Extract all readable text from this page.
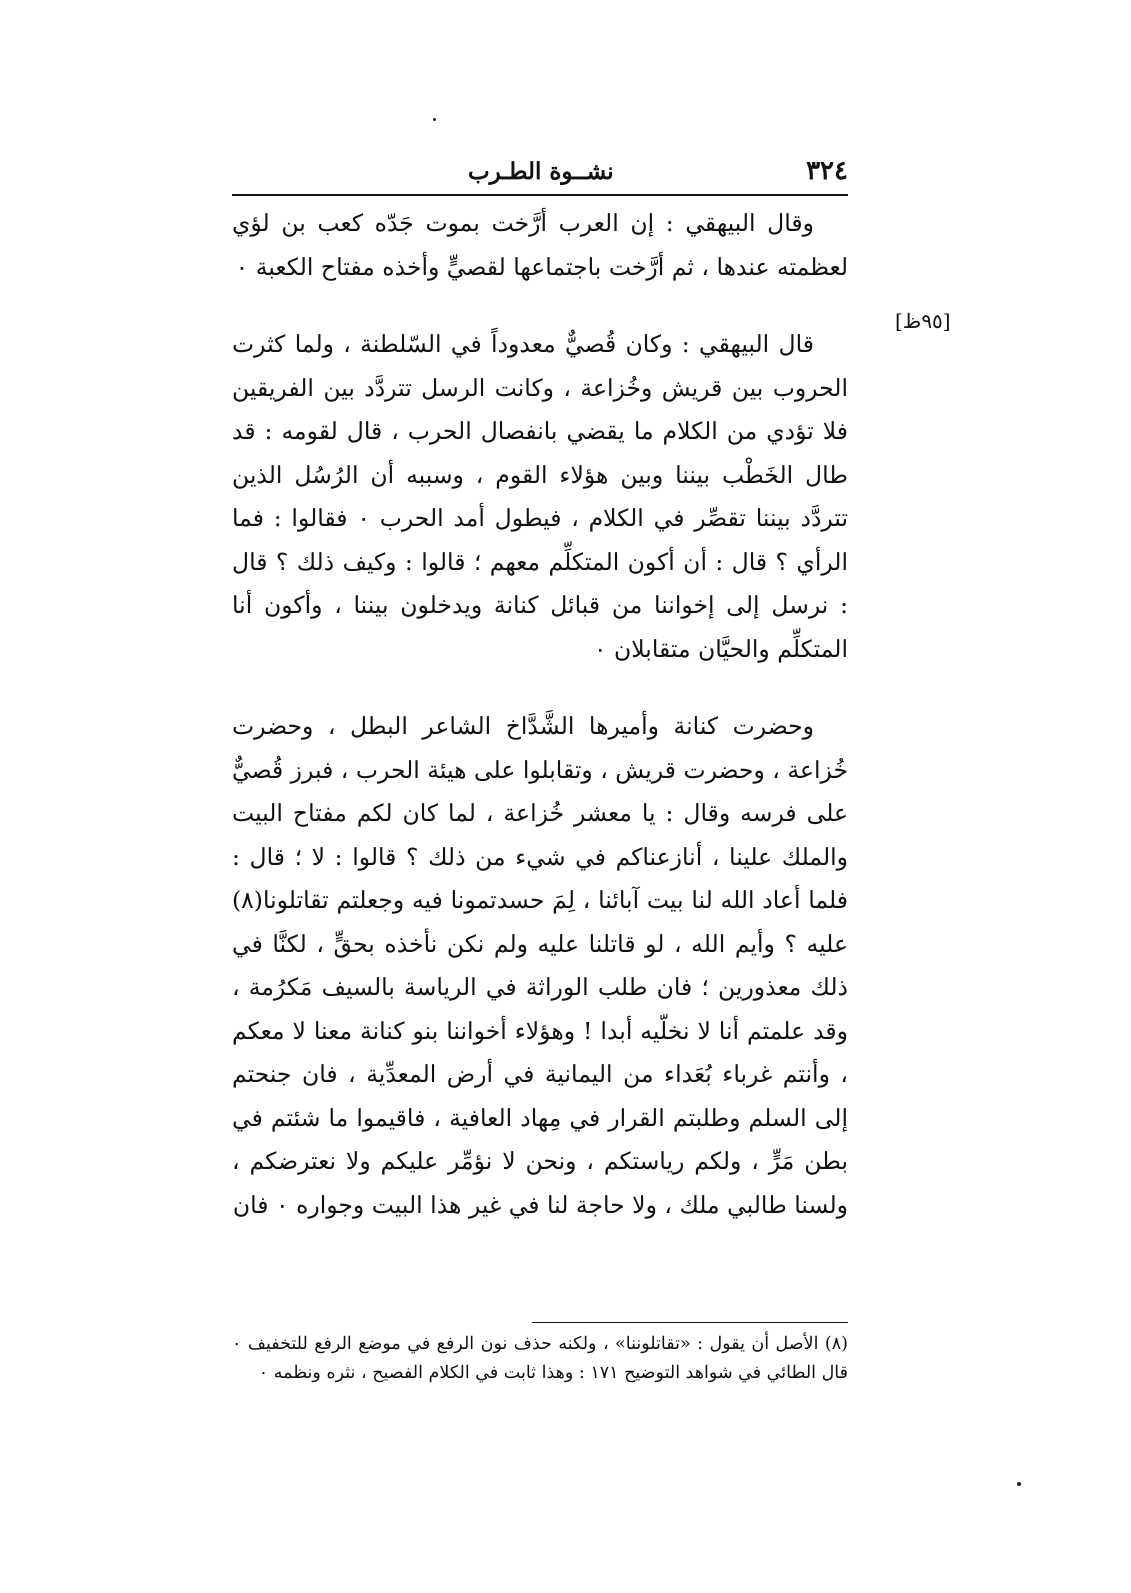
٣٢٤
نشــوة الطـرب
[٩٥ظ]

وقال البيهقي : إن العرب أرَّخت بموت جَدّه كعب بن لؤي لعظمته عندها ، ثم أرَّخت باجتماعها لقصيٍّ وأخذه مفتاح الكعبة ٠

قال البيهقي : وكان قُصيٌّ معدوداً في السّلطنة ، ولما كثرت الحروب بين قريش وخُزاعة ، وكانت الرسل تتردَّد بين الفريقين فلا تؤدي من الكلام ما يقضي بانفصال الحرب ، قال لقومه : قد طال الخَطْب بيننا وبين هؤلاء القوم ، وسببه أن الرُسُل الذين تتردَّد بيننا تقصِّر في الكلام ، فيطول أمد الحرب ٠ فقالوا : فما الرأي ؟ قال : أن أكون المتكلِّم معهم ؛ قالوا : وكيف ذلك ؟ قال : نرسل إلى إخواننا من قبائل كنانة ويدخلون بيننا ، وأكون أنا المتكلِّم والحيَّان متقابلان ٠

وحضرت كنانة وأميرها الشَّدَّاخ الشاعر البطل ، وحضرت خُزاعة ، وحضرت قريش ، وتقابلوا على هيئة الحرب ، فبرز قُصيٌّ على فرسه وقال : يا معشر خُزاعة ، لما كان لكم مفتاح البيت والملك علينا ، أنازعناكم في شيء من ذلك ؟ قالوا : لا ؛ قال : فلما أعاد الله لنا بيت آبائنا ، لِمَ حسدتمونا فيه وجعلتم تقاتلونا(٨) عليه ؟ وأيم الله ، لو قاتلنا عليه ولم نكن نأخذه بحقٍّ ، لكنَّا في ذلك معذورين ؛ فان طلب الوراثة في الرياسة بالسيف مَكرُمة ، وقد علمتم أنا لا نخلّيه أبدا ! وهؤلاء أخواننا بنو كنانة معنا لا معكم ، وأنتم غرباء بُعَداء من اليمانية في أرض المعدِّية ، فان جنحتم إلى السلم وطلبتم القرار في مِهاد العافية ، فاقيموا ما شئتم في بطن مَرٍّ ، ولكم رياستكم ، ونحن لا نؤمِّر عليكم ولا نعترضكم ، ولسنا طالبي ملك ، ولا حاجة لنا في غير هذا البيت وجواره ٠ فان

(٨) الأصل أن يقول : «تقاتلوننا» ، ولكنه حذف نون الرفع في موضع الرفع للتخفيف ٠ قال الطائي في شواهد التوضيح ١٧١ : وهذا ثابت في الكلام الفصيح ، نثره ونظمه ٠
